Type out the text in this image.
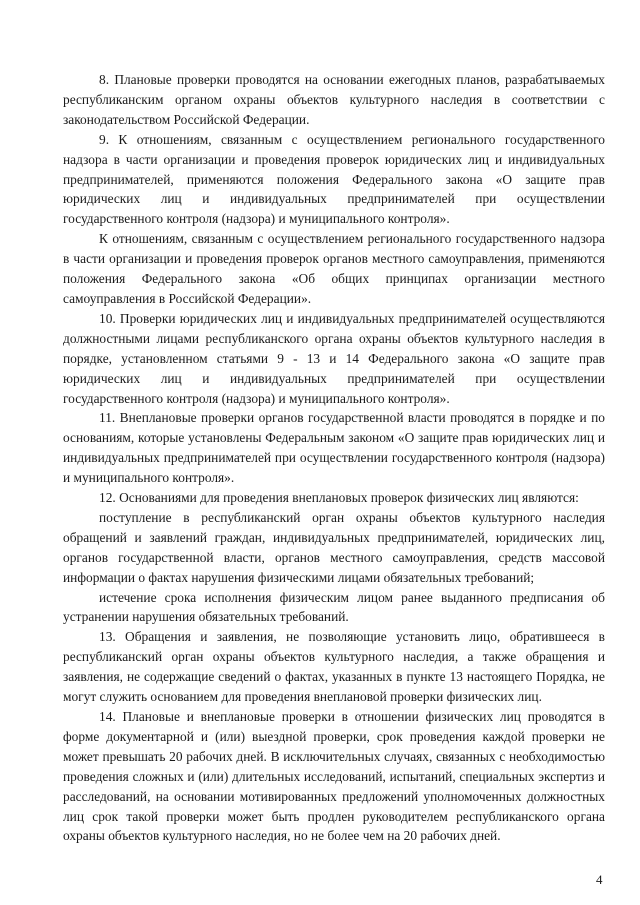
8. Плановые проверки проводятся на основании ежегодных планов, разрабатываемых республиканским органом охраны объектов культурного наследия в соответствии с законодательством Российской Федерации.

9. К отношениям, связанным с осуществлением регионального государственного надзора в части организации и проведения проверок юридических лиц и индивидуальных предпринимателей, применяются положения Федерального закона «О защите прав юридических лиц и индивидуальных предпринимателей при осуществлении государственного контроля (надзора) и муниципального контроля».

К отношениям, связанным с осуществлением регионального государственного надзора в части организации и проведения проверок органов местного самоуправления, применяются положения Федерального закона «Об общих принципах организации местного самоуправления в Российской Федерации».

10. Проверки юридических лиц и индивидуальных предпринимателей осуществляются должностными лицами республиканского органа охраны объектов культурного наследия в порядке, установленном статьями 9 - 13 и 14 Федерального закона «О защите прав юридических лиц и индивидуальных предпринимателей при осуществлении государственного контроля (надзора) и муниципального контроля».

11. Внеплановые проверки органов государственной власти проводятся в порядке и по основаниям, которые установлены Федеральным законом «О защите прав юридических лиц и индивидуальных предпринимателей при осуществлении государственного контроля (надзора) и муниципального контроля».

12. Основаниями для проведения внеплановых проверок физических лиц являются:

поступление в республиканский орган охраны объектов культурного наследия обращений и заявлений граждан, индивидуальных предпринимателей, юридических лиц, органов государственной власти, органов местного самоуправления, средств массовой информации о фактах нарушения физическими лицами обязательных требований;

истечение срока исполнения физическим лицом ранее выданного предписания об устранении нарушения обязательных требований.

13. Обращения и заявления, не позволяющие установить лицо, обратившееся в республиканский орган охраны объектов культурного наследия, а также обращения и заявления, не содержащие сведений о фактах, указанных в пункте 13 настоящего Порядка, не могут служить основанием для проведения внеплановой проверки физических лиц.

14. Плановые и внеплановые проверки в отношении физических лиц проводятся в форме документарной и (или) выездной проверки, срок проведения каждой проверки не может превышать 20 рабочих дней. В исключительных случаях, связанных с необходимостью проведения сложных и (или) длительных исследований, испытаний, специальных экспертиз и расследований, на основании мотивированных предложений уполномоченных должностных лиц срок такой проверки может быть продлен руководителем республиканского органа охраны объектов культурного наследия, но не более чем на 20 рабочих дней.

4
